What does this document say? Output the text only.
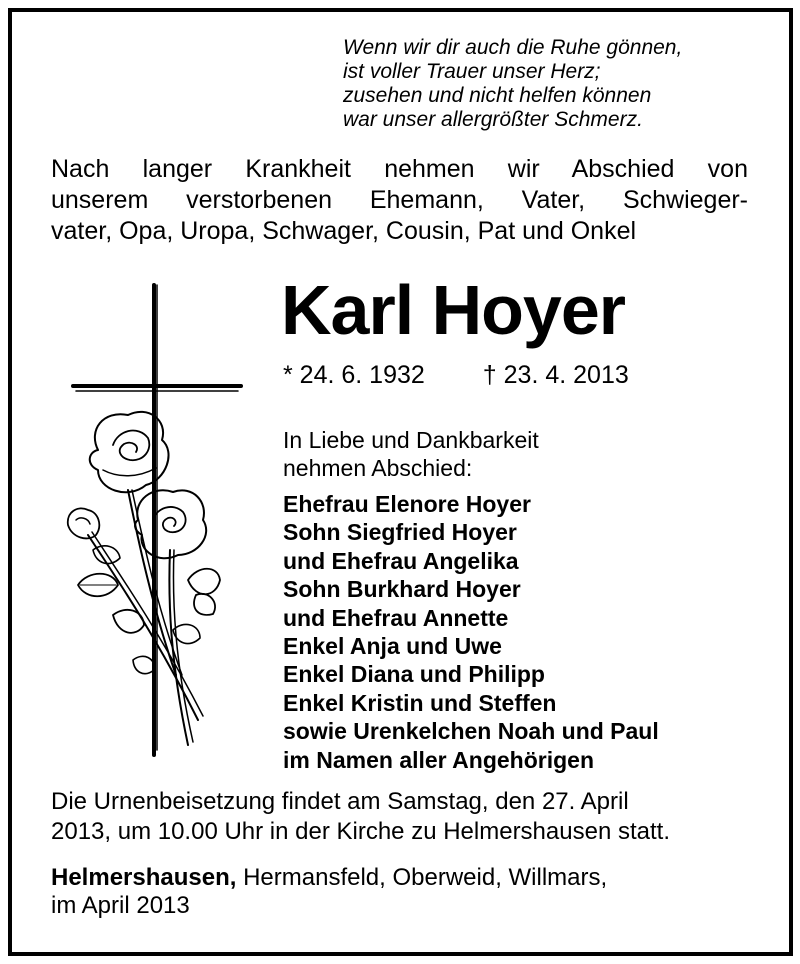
Wenn wir dir auch die Ruhe gönnen,
ist voller Trauer unser Herz;
zusehen und nicht helfen können
war unser allergrößter Schmerz.
Nach langer Krankheit nehmen wir Abschied von
unserem verstorbenen Ehemann, Vater, Schwieger-
vater, Opa, Uropa, Schwager, Cousin, Pat und Onkel
Karl Hoyer
* 24. 6. 1932 † 23. 4. 2013
In Liebe und Dankbarkeit
nehmen Abschied:
Ehefrau Elenore Hoyer
Sohn Siegfried Hoyer
und Ehefrau Angelika
Sohn Burkhard Hoyer
und Ehefrau Annette
Enkel Anja und Uwe
Enkel Diana und Philipp
Enkel Kristin und Steffen
sowie Urenkelchen Noah und Paul
im Namen aller Angehörigen
Die Urnenbeisetzung findet am Samstag, den 27. April
2013, um 10.00 Uhr in der Kirche zu Helmershausen statt.
Helmershausen, Hermansfeld, Oberweid, Willmars,
im April 2013
